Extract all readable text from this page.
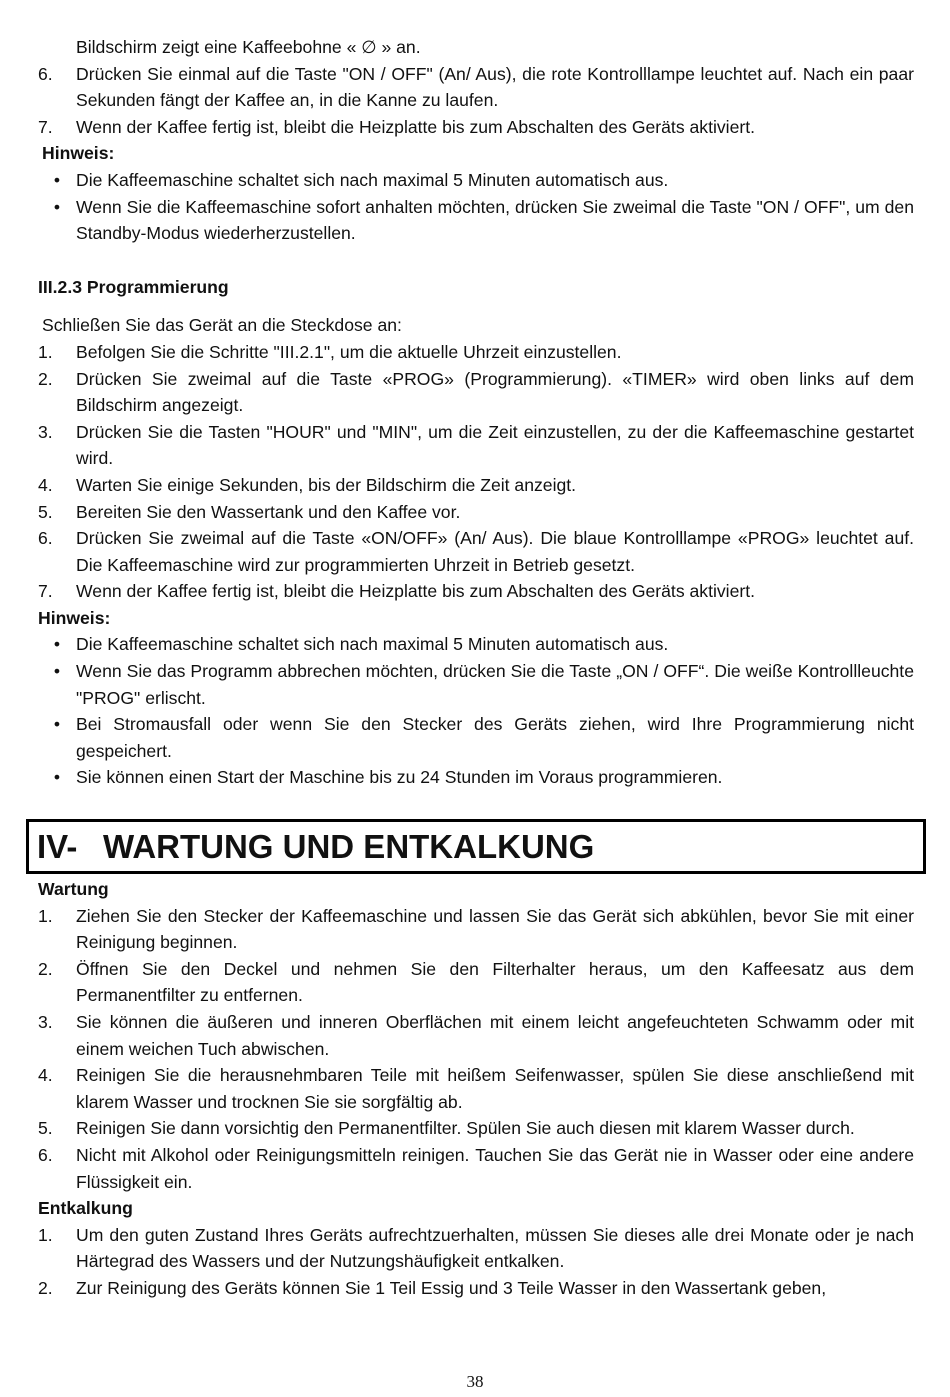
Bildschirm zeigt eine Kaffeebohne « ∅ » an.
6.	Drücken Sie einmal auf die Taste "ON / OFF" (An/ Aus), die rote Kontrolllampe leuchtet auf. Nach ein paar Sekunden fängt der Kaffee an, in die Kanne zu laufen.
7.	Wenn der Kaffee fertig ist, bleibt die Heizplatte bis zum Abschalten des Geräts aktiviert.
Hinweis:
• Die Kaffeemaschine schaltet sich nach maximal 5 Minuten automatisch aus.
• Wenn Sie die Kaffeemaschine sofort anhalten möchten, drücken Sie zweimal die Taste "ON / OFF", um den Standby-Modus wiederherzustellen.
III.2.3 Programmierung
Schließen Sie das Gerät an die Steckdose an:
1.	Befolgen Sie die Schritte "III.2.1", um die aktuelle Uhrzeit einzustellen.
2.	Drücken Sie zweimal auf die Taste «PROG» (Programmierung). «TIMER» wird oben links auf dem Bildschirm angezeigt.
3.	Drücken Sie die Tasten "HOUR" und "MIN", um die Zeit einzustellen, zu der die Kaffeemaschine gestartet wird.
4.	Warten Sie einige Sekunden, bis der Bildschirm die Zeit anzeigt.
5.	Bereiten Sie den Wassertank und den Kaffee vor.
6.	Drücken Sie zweimal auf die Taste «ON/OFF» (An/ Aus). Die blaue Kontrolllampe «PROG» leuchtet auf. Die Kaffeemaschine wird zur programmierten Uhrzeit in Betrieb gesetzt.
7.	Wenn der Kaffee fertig ist, bleibt die Heizplatte bis zum Abschalten des Geräts aktiviert.
Hinweis:
• Die Kaffeemaschine schaltet sich nach maximal 5 Minuten automatisch aus.
• Wenn Sie das Programm abbrechen möchten, drücken Sie die Taste „ON / OFF“. Die weiße Kontrollleuchte "PROG" erlischt.
• Bei Stromausfall oder wenn Sie den Stecker des Geräts ziehen, wird Ihre Programmierung nicht gespeichert.
• Sie können einen Start der Maschine bis zu 24 Stunden im Voraus programmieren.
IV- WARTUNG UND ENTKALKUNG
Wartung
1.	Ziehen Sie den Stecker der Kaffeemaschine und lassen Sie das Gerät sich abkühlen, bevor Sie mit einer Reinigung beginnen.
2.	Öffnen Sie den Deckel und nehmen Sie den Filterhalter heraus, um den Kaffeesatz aus dem Permanentfilter zu entfernen.
3.	Sie können die äußeren und inneren Oberflächen mit einem leicht angefeuchteten Schwamm oder mit einem weichen Tuch abwischen.
4.	Reinigen Sie die herausnehmbaren Teile mit heißem Seifenwasser, spülen Sie diese anschließend mit klarem Wasser und trocknen Sie sie sorgfältig ab.
5.	Reinigen Sie dann vorsichtig den Permanentfilter. Spülen Sie auch diesen mit klarem Wasser durch.
6.	Nicht mit Alkohol oder Reinigungsmitteln reinigen. Tauchen Sie das Gerät nie in Wasser oder eine andere Flüssigkeit ein.
Entkalkung
1.	Um den guten Zustand Ihres Geräts aufrechtzuerhalten, müssen Sie dieses alle drei Monate oder je nach Härtegrad des Wassers und der Nutzungshäufigkeit entkalken.
2.	Zur Reinigung des Geräts können Sie 1 Teil Essig und 3 Teile Wasser in den Wassertank geben,
38
